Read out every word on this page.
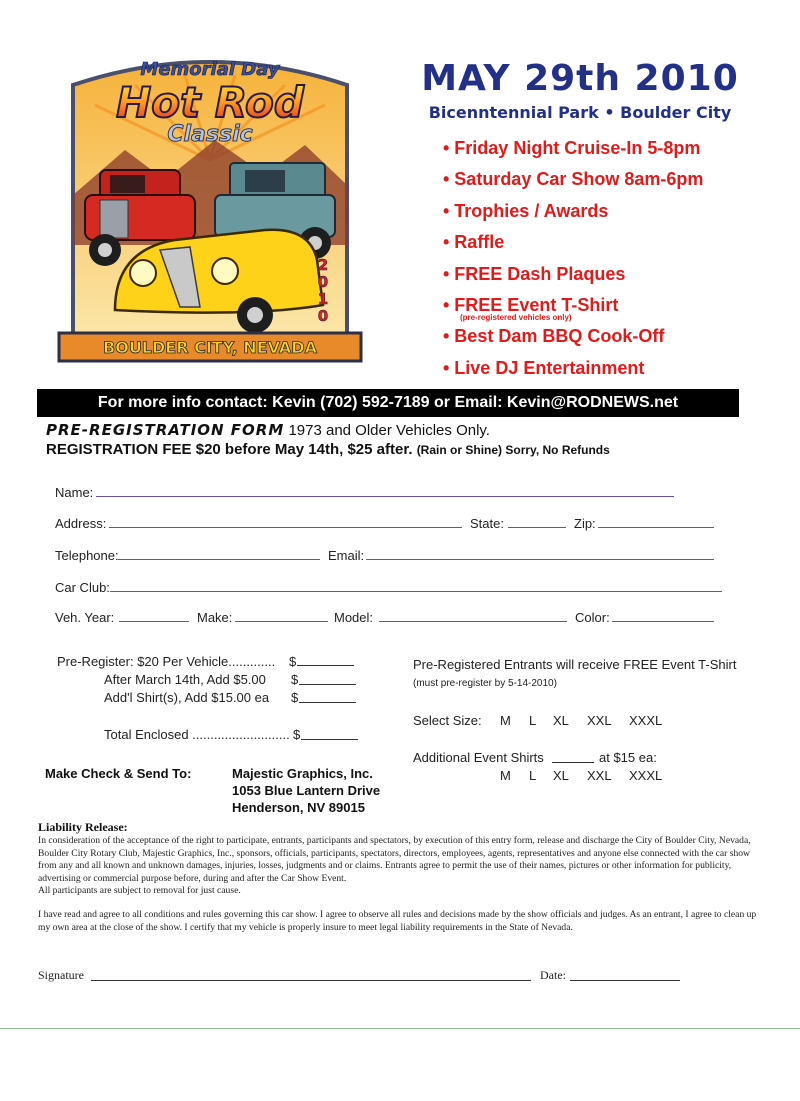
Memorial Day
Hot Rod
Classic
2
0
1
0
BOULDER CITY, NEVADA
MAY 29th 2010
Bicenntennial Park • Boulder City
• Friday Night Cruise-In 5-8pm
• Saturday Car Show 8am-6pm
• Trophies / Awards
• Raffle
• FREE Dash Plaques
• FREE Event T-Shirt
(pre-registered vehicles only)
• Best Dam BBQ Cook-Off
• Live DJ Entertainment
For more info contact: Kevin (702) 592-7189 or Email: Kevin@RODNEWS.net
PRE-REGISTRATION FORM 1973 and Older Vehicles Only.
REGISTRATION FEE $20 before May 14th, $25 after. (Rain or Shine) Sorry, No Refunds
Name:
Address:	State:	Zip:
Telephone:	Email:
Car Club:
Veh. Year:	Make:	Model:	Color:
Pre-Register: $20 Per Vehicle............. $
After March 14th, Add $5.00 $
Add'l Shirt(s), Add $15.00 ea $
Total Enclosed ........................... $
Pre-Registered Entrants will receive FREE Event T-Shirt
(must pre-register by 5-14-2010)
Select Size: M L XL XXL XXXL
Additional Event Shirts	at $15 ea:
M L XL XXL XXXL
Make Check & Send To:	Majestic Graphics, Inc.
1053 Blue Lantern Drive
Henderson, NV 89015
Liability Release:
In consideration of the acceptance of the right to participate, entrants, participants and spectators, by execution of this entry form, release and discharge the City of Boulder City, Nevada, Boulder City Rotary Club, Majestic Graphics, Inc., sponsors, officials, participants, spectators, directors, employees, agents, representatives and anyone else connected with the car show from any and all known and unknown damages, injuries, losses, judgments and or claims. Entrants agree to permit the use of their names, pictures or other information for publicity, advertising or commercial purpose before, during and after the Car Show Event.
All participants are subject to removal for just cause.
I have read and agree to all conditions and rules governing this car show. I agree to observe all rules and decisions made by the show officials and judges. As an entrant, I agree to clean up my own area at the close of the show. I certify that my vehicle is properly insure to meet legal liability requirements in the State of Nevada.
Signature	Date:
